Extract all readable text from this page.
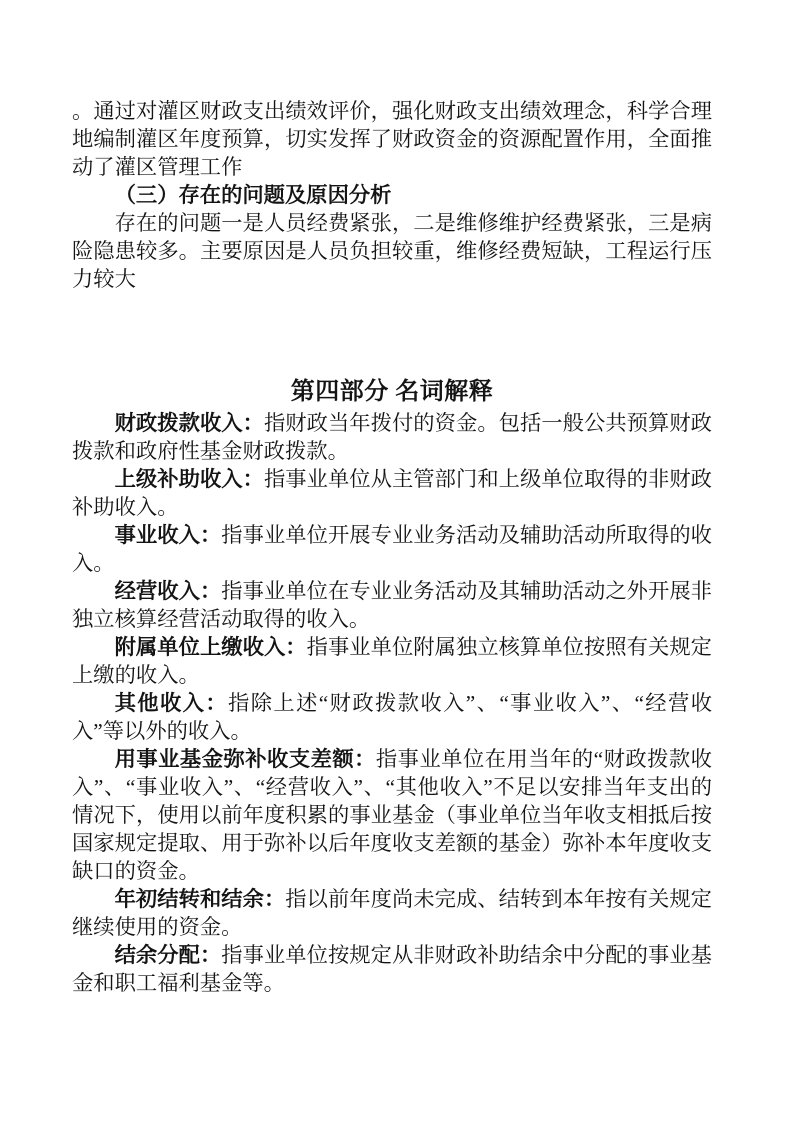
。通过对灌区财政支出绩效评价，强化财政支出绩效理念，科学合理地编制灌区年度预算，切实发挥了财政资金的资源配置作用，全面推动了灌区管理工作

（三）存在的问题及原因分析

存在的问题一是人员经费紧张，二是维修维护经费紧张，三是病险隐患较多。主要原因是人员负担较重，维修经费短缺，工程运行压力较大

第四部分 名词解释

财政拨款收入：指财政当年拨付的资金。包括一般公共预算财政拨款和政府性基金财政拨款。

上级补助收入：指事业单位从主管部门和上级单位取得的非财政补助收入。

事业收入：指事业单位开展专业业务活动及辅助活动所取得的收入。

经营收入：指事业单位在专业业务活动及其辅助活动之外开展非独立核算经营活动取得的收入。

附属单位上缴收入：指事业单位附属独立核算单位按照有关规定上缴的收入。

其他收入：指除上述“财政拨款收入”、“事业收入”、“经营收入”等以外的收入。

用事业基金弥补收支差额：指事业单位在用当年的“财政拨款收入”、“事业收入”、“经营收入”、“其他收入”不足以安排当年支出的情况下，使用以前年度积累的事业基金（事业单位当年收支相抵后按国家规定提取、用于弥补以后年度收支差额的基金）弥补本年度收支缺口的资金。

年初结转和结余：指以前年度尚未完成、结转到本年按有关规定继续使用的资金。

结余分配：指事业单位按规定从非财政补助结余中分配的事业基金和职工福利基金等。
